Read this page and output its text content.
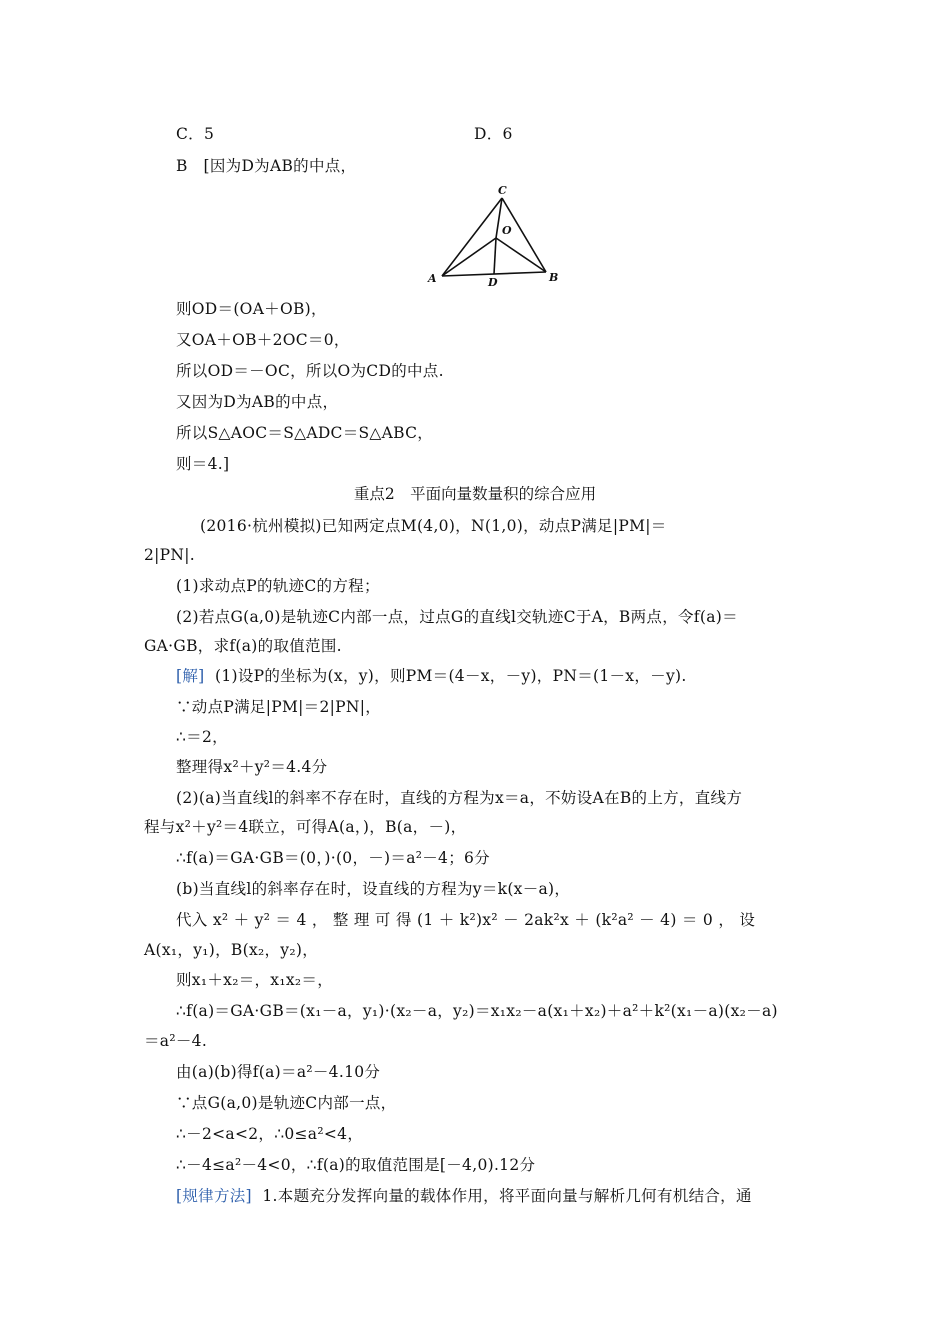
C．5	D．6
B　[因为D为AB的中点，
C
O
A	D	B
则OD＝(OA＋OB)，
又OA＋OB＋2OC＝0，
所以OD＝－OC，所以O为CD的中点.
又因为D为AB的中点，
所以S△AOC＝S△ADC＝S△ABC，
则＝4.]
重点2　平面向量数量积的综合应用
(2016·杭州模拟)已知两定点M(4,0)，N(1,0)，动点P满足|PM|＝
2|PN|.
(1)求动点P的轨迹C的方程；
(2)若点G(a,0)是轨迹C内部一点，过点G的直线l交轨迹C于A，B两点，令f(a)＝
GA·GB，求f(a)的取值范围.
[解] (1)设P的坐标为(x，y)，则PM＝(4－x，－y)，PN＝(1－x，－y).
∵动点P满足|PM|＝2|PN|，
∴＝2，
整理得x²＋y²＝4.4分
(2)(a)当直线l的斜率不存在时，直线的方程为x＝a，不妨设A在B的上方，直线方
程与x²＋y²＝4联立，可得A(a，)，B(a，－)，
∴f(a)＝GA·GB＝(0，)·(0，－)＝a²－4；6分
(b)当直线l的斜率存在时，设直线的方程为y＝k(x－a)，
代入 x² ＋ y² ＝ 4 ， 整 理 可 得 (1 ＋ k²)x² － 2ak²x ＋ (k²a² － 4) ＝ 0 ， 设
A(x₁，y₁)，B(x₂，y₂)，
则x₁＋x₂＝，x₁x₂＝，
∴f(a)＝GA·GB＝(x₁－a，y₁)·(x₂－a，y₂)＝x₁x₂－a(x₁＋x₂)＋a²＋k²(x₁－a)(x₂－a)
＝a²－4.
由(a)(b)得f(a)＝a²－4.10分
∵点G(a,0)是轨迹C内部一点，
∴－2<a<2，∴0≤a²<4，
∴－4≤a²－4<0，∴f(a)的取值范围是[－4,0).12分
[规律方法] 1.本题充分发挥向量的载体作用，将平面向量与解析几何有机结合，通
